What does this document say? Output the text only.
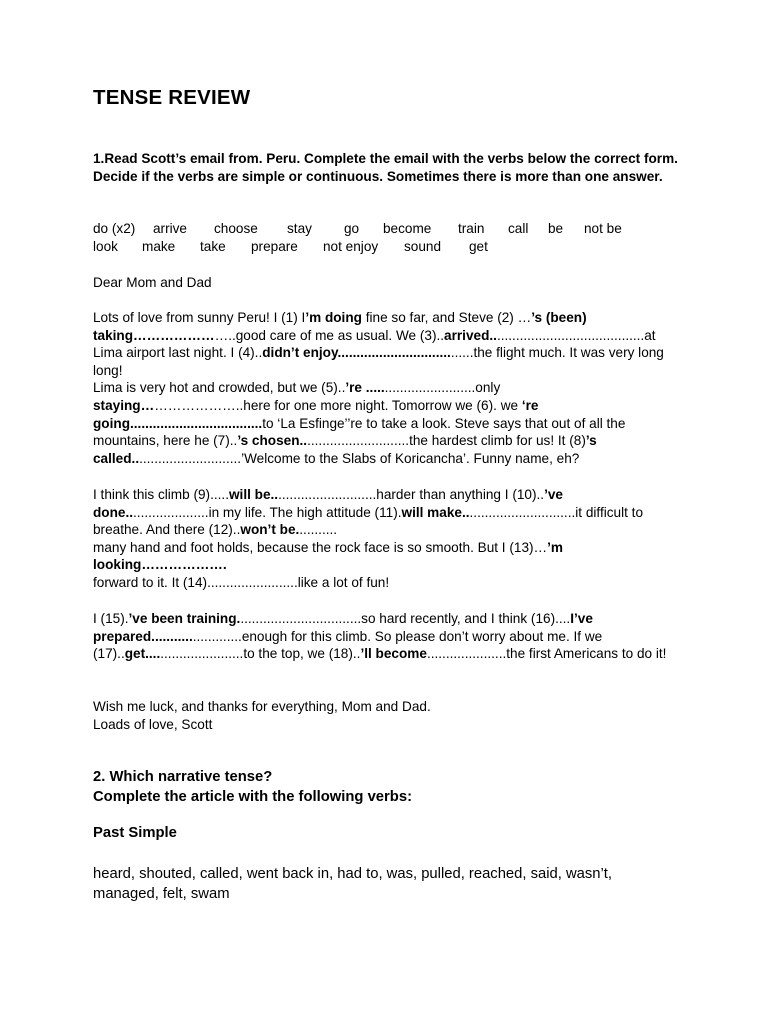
TENSE REVIEW

1.Read Scott’s email from. Peru. Complete the email with the verbs below the correct form. Decide if the verbs are simple or continuous. Sometimes there is more than one answer.

do (x2)	arrive	choose	stay	go	become	train	call	be	not be
look	make	take	prepare	not enjoy	sound	get

Dear Mom and Dad

Lots of love from sunny Peru! I (1) I’m doing fine so far, and Steve (2) …’s (been) taking…………………..good care of me as usual. We (3)..arrived.........................................at Lima airport last night. I (4)..didn’t enjoy....................................the flight much. It was very long long!
Lima is very hot and crowded, but we (5)..’re .............................only staying…………………..here for one more night. Tomorrow we (6). we ‘re going...................................to ‘La Esfinge’’re to take a look. Steve says that out of all the mountains, here he (7)..’s chosen.............................the hardest climb for us! It (8)’s called.............................’Welcome to the Slabs of Koricancha’. Funny name, eh?

I think this climb (9).....will be............................harder than anything I (10)..’ve done......................in my life. The high attitude (11).will make..............................it difficult to breathe. And there (12)..won’t be...........
many hand and foot holds, because the rock face is so smooth. But I (13)…’m looking……………….
forward to it. It (14)........................like a lot of fun!

I (15).’ve been training.................................so hard recently, and I think (16)....I’ve prepared........................enough for this climb. So please don’t worry about me. If we (17)..get..........................to the top, we (18)..’ll become.....................the first Americans to do it!

Wish me luck, and thanks for everything, Mom and Dad.

Loads of love, Scott

2. Which narrative tense?

Complete the article with the following verbs:

Past Simple

heard, shouted, called, went back in, had to, was, pulled, reached, said, wasn’t, managed, felt, swam
